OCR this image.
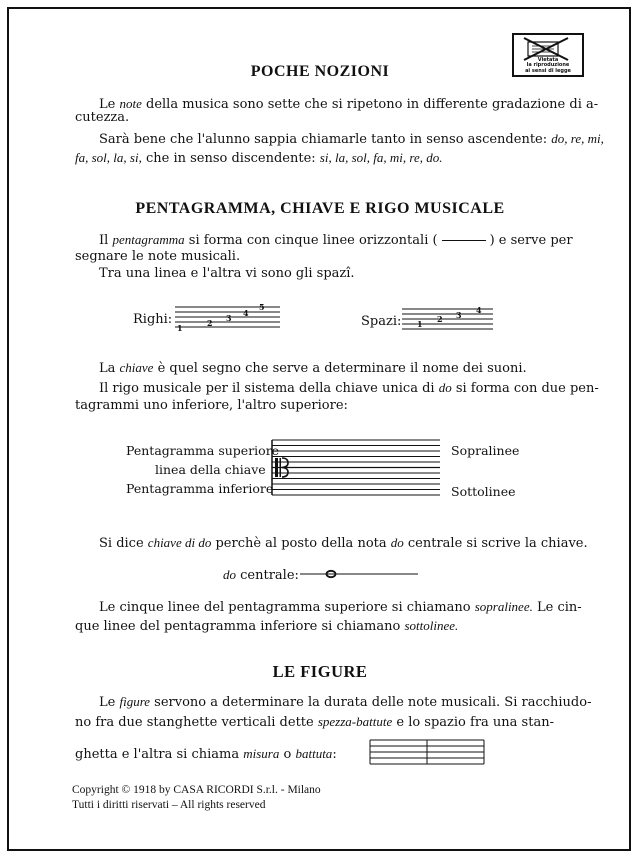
Vietata
la riproduzione
ai sensi di legge
POCHE NOZIONI
Le note della musica sono sette che si ripetono in differente gradazione di a-
cutezza.
Sarà bene che l'alunno sappia chiamarle tanto in senso ascendente: do, re, mi,
fa, sol, la, si, che in senso discendente: si, la, sol, fa, mi, re, do.
PENTAGRAMMA, CHIAVE E RIGO MUSICALE
Il pentagramma si forma con cinque linee orizzontali (	) e serve per
segnare le note musicali.
Tra una linea e l'altra vi sono gli spazî.
Righi:
1	2 3 4
5
Spazi: 1 2 3 4
La chiave è quel segno che serve a determinare il nome dei suoni.
Il rigo musicale per il sistema della chiave unica di do si forma con due pen-
tagrammi uno inferiore, l'altro superiore:
Pentagramma superiore
linea della chiave
Pentagramma inferiore
Sopralinee
Sottolinee
Si dice chiave di do perchè al posto della nota do centrale si scrive la chiave.
do centrale:
Le cinque linee del pentagramma superiore si chiamano sopralinee. Le cin-
que linee del pentagramma inferiore si chiamano sottolinee.
LE FIGURE
Le figure servono a determinare la durata delle note musicali. Si racchiudo-
no fra due stanghette verticali dette spezza-battute e lo spazio fra una stan-
ghetta e l'altra si chiama misura o battuta:
Copyright © 1918 by CASA RICORDI S.r.l. - Milano
Tutti i diritti riservati – All rights reserved
